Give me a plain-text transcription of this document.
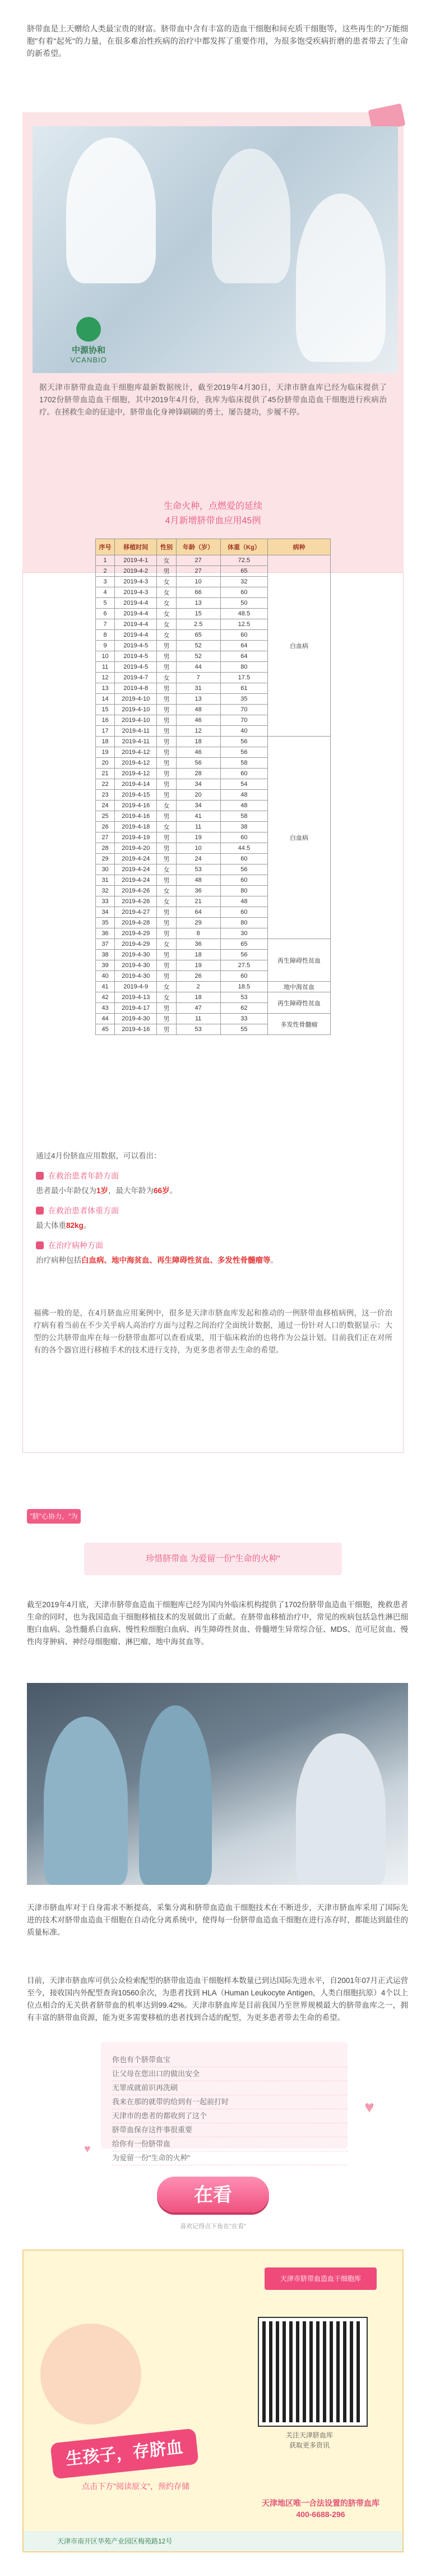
脐带血是上天赠给人类最宝贵的财富。脐带血中含有丰富的造血干细胞和间充质干细胞等，这些再生的"万能细胞"有着"起死"的力量，在很多难治性疾病的治疗中都发挥了重要作用，为很多饱受疾病折磨的患者带去了生命的新希望。
中源协和
VCANBIO
据天津市脐带血造血干细胞库最新数据统计，截至2019年4月30日，天津市脐血库已经为临床提供了1702份脐带血造血干细胞，其中2019年4月份，我库为临床提供了45份脐带血造血干细胞进行疾病治疗。在拯救生命的征途中，脐带血化身神锋刷刷的勇士，屡告捷功，步履不停。
生命火种，点燃爱的延续
4月新增脐带血应用45例
序号	移植时间	性别	年龄（岁）	体重（Kg）	病种
1	2019-4-1	女	27	72.5	白血病
2	2019-4-2	男	27	65	
3	2019-4-3	女	10	32	
4	2019-4-3	女	66	60	
5	2019-4-4	女	13	50	
6	2019-4-4	女	15	48.5	
7	2019-4-4	女	2.5	12.5	
8	2019-4-4	女	65	60	
9	2019-4-5	男	52	64	
10	2019-4-5	男	52	64	
11	2019-4-5	男	44	80	
12	2019-4-7	女	7	17.5	
13	2019-4-8	男	31	61	
14	2019-4-10	男	13	35	
15	2019-4-10	男	48	70	
16	2019-4-10	男	46	70	
17	2019-4-11	男	12	40	
18	2019-4-11	男	18	56	白血病
19	2019-4-12	男	46	56	
20	2019-4-12	男	56	58	
21	2019-4-12	男	28	60	
22	2019-4-14	男	34	54	
23	2019-4-15	男	20	48	
24	2019-4-16	女	34	48	
25	2019-4-16	男	41	58	
26	2019-4-18	女	11	38	
27	2019-4-19	男	19	60	
28	2019-4-20	男	10	44.5	
29	2019-4-24	男	24	60	
30	2019-4-24	女	53	56	
31	2019-4-24	男	48	60	
32	2019-4-26	女	36	80	
33	2019-4-26	女	21	48	
34	2019-4-27	男	64	60	
35	2019-4-28	男	29	80	
36	2019-4-29	男	8	30	
37	2019-4-29	女	36	65	再生障碍性贫血
38	2019-4-30	男	18	56	
39	2019-4-30	男	19	27.5	
40	2019-4-30	男	26	60	
41	2019-4-9	女	2	18.5	地中海贫血
42	2019-4-13	女	18	53	再生障碍性贫血
43	2019-4-17	男	47	62	
44	2019-4-30	男	11	33	多发性骨髓瘤
45	2019-4-16	男	53	55	
通过4月份脐血应用数据，可以看出：
在救治患者年龄方面
患者最小年龄仅为1岁，最大年龄为66岁。
在救治患者体重方面
最大体重82kg。
在治疗病种方面
治疗病种包括白血病、地中海贫血、再生障碍性贫血、多发性骨髓瘤等。
福佛一般的是，在4月脐血应用案例中，很多是天津市脐血库发起和推动的一例脐带血移植病例，这一价治疗病有着当前在不少关乎病人高治疗方面与过程之间治疗全面统计数据，通过一份针对人口的数据显示：大型的公共脐带血库在每一份脐带血都可以查看成果，用于临床救治的也将作为公益计划。目前我们正在对所有的各个器官进行移植手术的技术进行支持，为更多患者带去生命的希望。
"脐"心协力，"为爱而行"
珍惜脐带血 为爱留一份"生命的火种"
截至2019年4月底，天津市脐带血造血干细胞库已经为国内外临床机构提供了1702份脐带血造血干细胞，挽救患者生命的同时，也为我国造血干细胞移植技术的发展做出了贡献。在脐带血移植治疗中，常见的疾病包括急性淋巴细胞白血病、急性髓系白血病、慢性粒细胞白血病、再生障碍性贫血、骨髓增生异常综合征、MDS、范可尼贫血、慢性肉芽肿病、神经母细胞瘤、淋巴瘤、地中海贫血等。
天津市脐血库对于自身需求不断提高，采集分离和脐带血造血干细胞技术在不断进步，天津市脐血库采用了国际先进的技术对脐带血造血干细胞在自动化分离系统中，使得每一份脐带血造血干细胞在进行冻存时，都能达到最佳的质量标准。
目前，天津市脐血库可供公众检索配型的脐带血造血干细胞样本数量已到达国际先进水平，自2001年07月正式运营至今，接收国内外配型查询10560余次，为患者找到 HLA（Human Leukocyte Antigen，人类白细胞抗原）4个以上位点相合的无关供者脐带血的机率达到99.42%。天津市脐血库是目前我国乃至世界规模最大的脐带血库之一，拥有丰富的脐带血资源，能为更多需要移植的患者找到合适的配型，为更多患者带去生命的希望。
你也有个脐带血宝
让父母在您出口的做出安全
无罪成就前识再洗刷
我来在那的就带的给到有一起前打时
天津市的患者的都收到了这个
脐带血保存这件事很重要
给你有一份脐带血
为爱留一份"生命的火种"
♥
♥
在看
喜欢记得点下角在"在看"
天津市脐带血造血干细胞库
生孩子，存脐血
点击下方"阅读原文"，预约存储
关注天津脐血库
获取更多资讯
天津地区唯一合法设置的脐带血库
400-6688-296
天津市南开区华苑产业园区梅苑路12号
